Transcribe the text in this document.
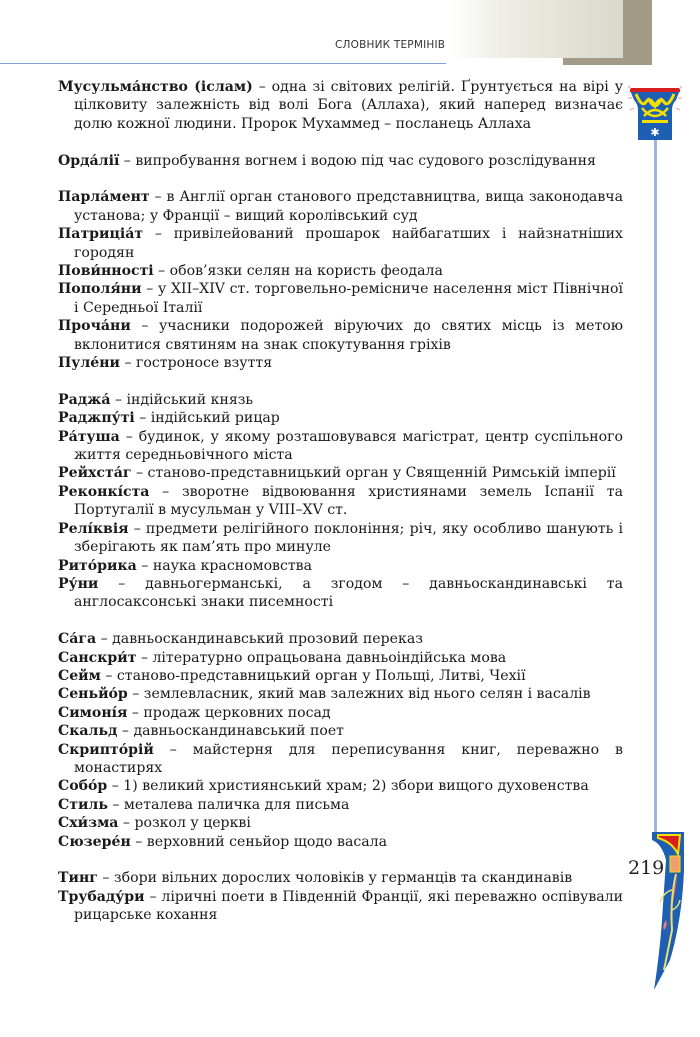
СЛОВНИК ТЕРМІНІВ
✱
219
Мусульма́нство (іслам) – одна зі світових релігій. Ґрунтується на вірі у цілковиту залежність від волі Бога (Аллаха), який наперед визначає долю кожної людини. Пророк Мухаммед – посланець Аллаха
Орда́лії – випробування вогнем і водою під час судового розслідування
Парла́мент – в Англії орган станового представництва, вища законодавча установа; у Франції – вищий королівський суд
Патриціа́т – привілейований прошарок найбагатших і найзнатніших городян
Пови́нності – обов’язки селян на користь феодала
Пополя́ни – у XII–XIV ст. торговельно-ремісниче населення міст Північної і Середньої Італії
Проча́ни – учасники подорожей віруючих до святих місць із метою вклонитися святиням на знак спокутування гріхів
Пуле́ни – гостроносе взуття
Раджа́ – індійський князь
Раджпу́ті – індійський рицар
Ра́туша – будинок, у якому розташовувався магістрат, центр суспільного життя середньовічного міста
Рейхста́г – станово-представницький орган у Священній Римській імперії
Реконкі́ста – зворотне відвоювання християнами земель Іспанії та Португалії в мусульман у VIII–XV ст.
Релі́квія – предмети релігійного поклоніння; річ, яку особливо шанують і зберігають як пам’ять про минуле
Рито́рика – наука красномовства
Ру́ни – давньогерманські, а згодом – давньоскандинавські та англосаксонські знаки писемності
Са́га – давньоскандинавський прозовий переказ
Санскри́т – літературно опрацьована давньоіндійська мова
Сейм – станово-представницький орган у Польщі, Литві, Чехії
Сеньйо́р – землевласник, який мав залежних від нього селян і васалів
Симоні́я – продаж церковних посад
Скальд – давньоскандинавський поет
Скрипто́рій – майстерня для переписування книг, переважно в монастирях
Собо́р – 1) великий християнський храм; 2) збори вищого духовенства
Стиль – металева паличка для письма
Схи́зма – розкол у церкві
Сюзере́н – верховний сеньйор щодо васала
Тинг – збори вільних дорослих чоловіків у германців та скандинавів
Трубаду́ри – ліричні поети в Південній Франції, які переважно оспівували рицарське кохання
